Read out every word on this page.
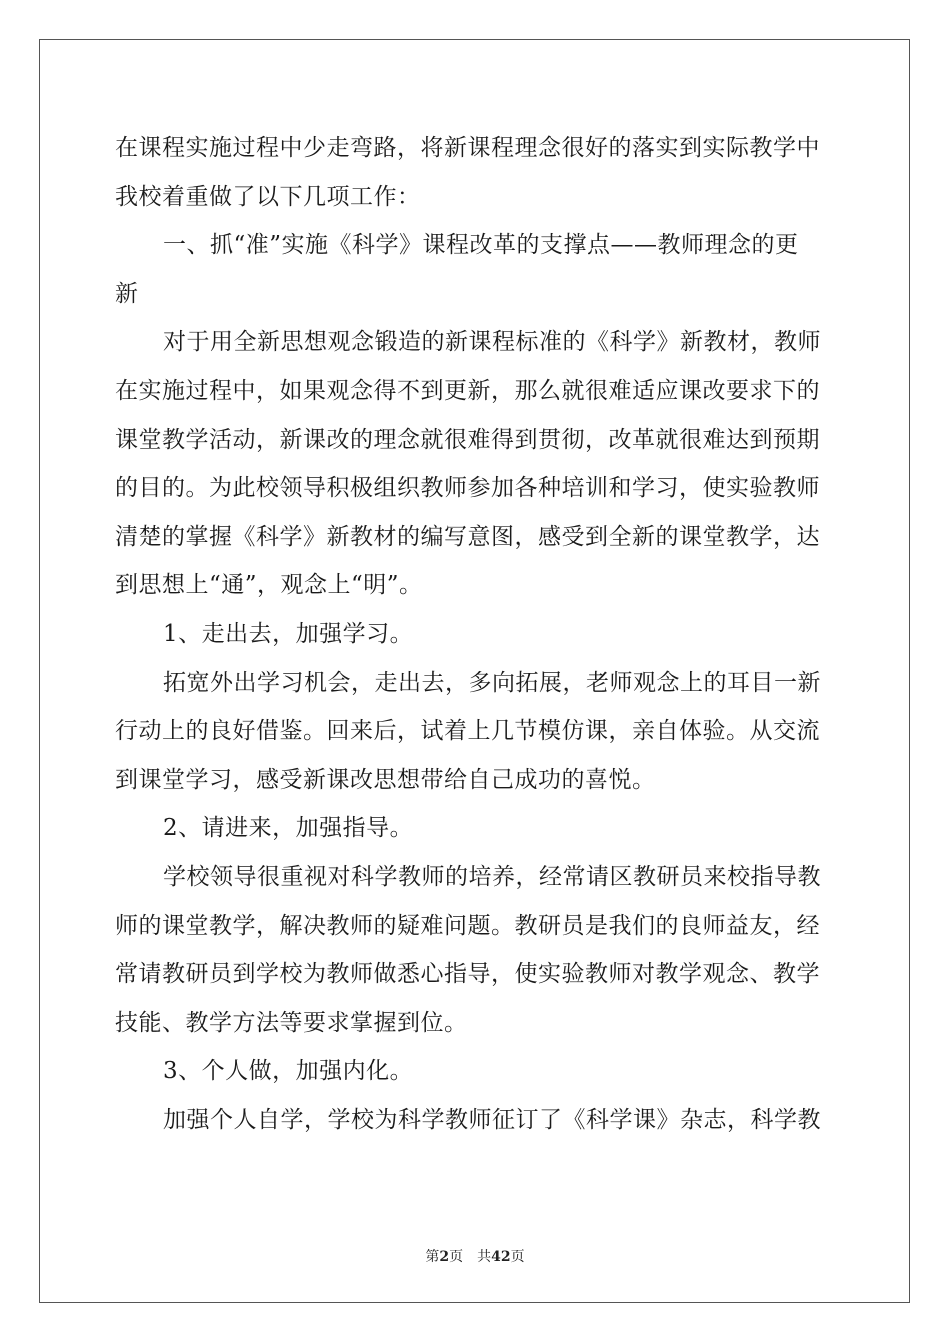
在课程实施过程中少走弯路，将新课程理念很好的落实到实际教学中
我校着重做了以下几项工作：
一、抓“准”实施《科学》课程改革的支撑点——教师理念的更
新
对于用全新思想观念锻造的新课程标准的《科学》新教材，教师
在实施过程中，如果观念得不到更新，那么就很难适应课改要求下的
课堂教学活动，新课改的理念就很难得到贯彻，改革就很难达到预期
的目的。为此校领导积极组织教师参加各种培训和学习，使实验教师
清楚的掌握《科学》新教材的编写意图，感受到全新的课堂教学，达
到思想上“通”，观念上“明”。
1、走出去，加强学习。
拓宽外出学习机会，走出去，多向拓展，老师观念上的耳目一新
行动上的良好借鉴。回来后，试着上几节模仿课，亲自体验。从交流
到课堂学习，感受新课改思想带给自己成功的喜悦。
2、请进来，加强指导。
学校领导很重视对科学教师的培养，经常请区教研员来校指导教
师的课堂教学，解决教师的疑难问题。教研员是我们的良师益友，经
常请教研员到学校为教师做悉心指导，使实验教师对教学观念、教学
技能、教学方法等要求掌握到位。
3、个人做，加强内化。
加强个人自学，学校为科学教师征订了《科学课》杂志，科学教
第2页 共42页
